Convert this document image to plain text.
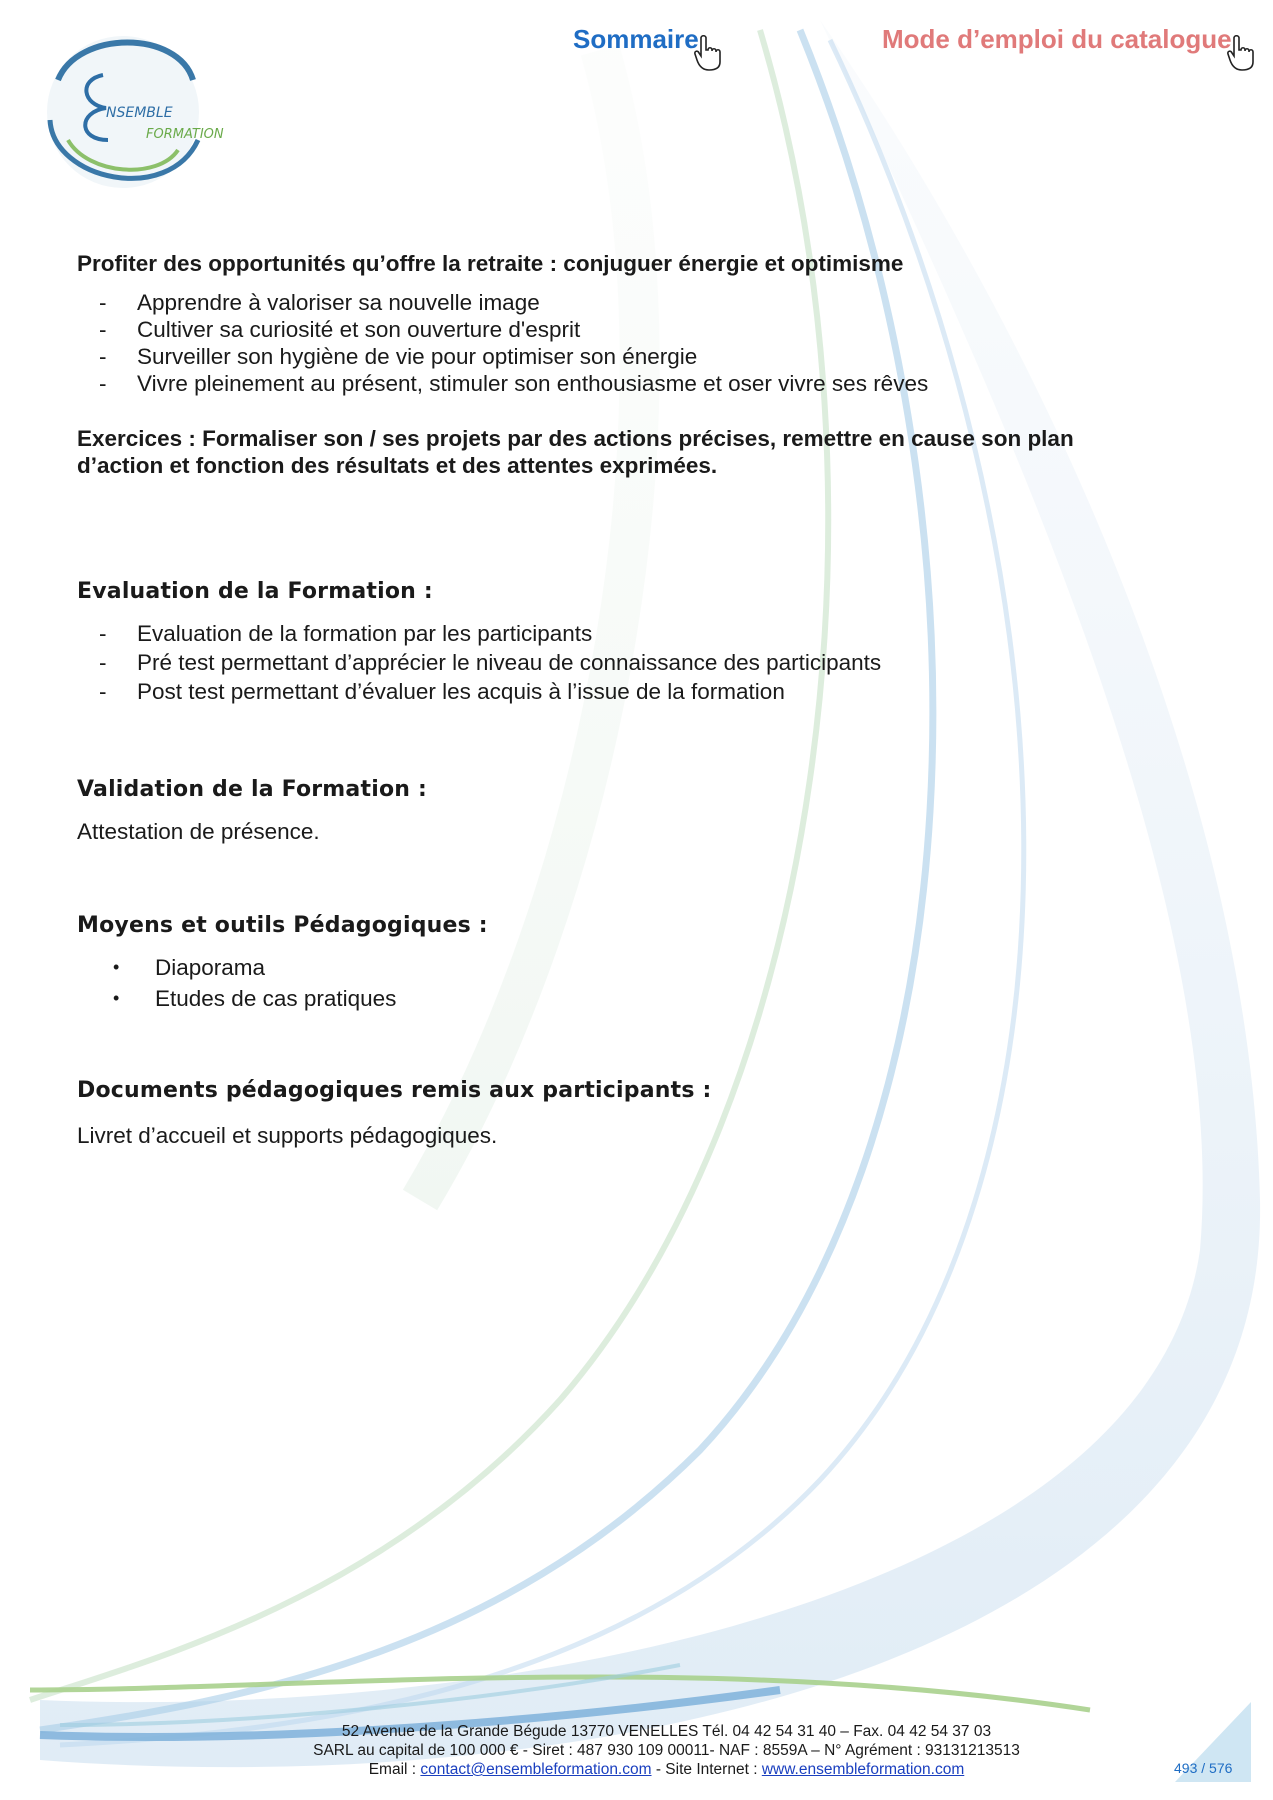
NSEMBLE
FORMATION
Sommaire	Mode d’emploi du catalogue

Profiter des opportunités qu’offre la retraite : conjuguer énergie et optimisme

-	Apprendre à valoriser sa nouvelle image
-	Cultiver sa curiosité et son ouverture d'esprit
-	Surveiller son hygiène de vie pour optimiser son énergie
-	Vivre pleinement au présent, stimuler son enthousiasme et oser vivre ses rêves

Exercices : Formaliser son / ses projets par des actions précises, remettre en cause son plan
d’action et fonction des résultats et des attentes exprimées.

Evaluation de la Formation :
-	Evaluation de la formation par les participants
-	Pré test permettant d’apprécier le niveau de connaissance des participants
-	Post test permettant d’évaluer les acquis à l’issue de la formation
Validation de la Formation :

Attestation de présence.

Moyens et outils Pédagogiques :
•	Diaporama
•	Etudes de cas pratiques
Documents pédagogiques remis aux participants :

Livret d’accueil et supports pédagogiques.

52 Avenue de la Grande Bégude 13770 VENELLES Tél. 04 42 54 31 40 – Fax. 04 42 54 37 03
SARL au capital de 100 000 € - Siret : 487 930 109 00011- NAF : 8559A – N° Agrément : 93131213513
Email : contact@ensembleformation.com - Site Internet : www.ensembleformation.com	493 / 576
